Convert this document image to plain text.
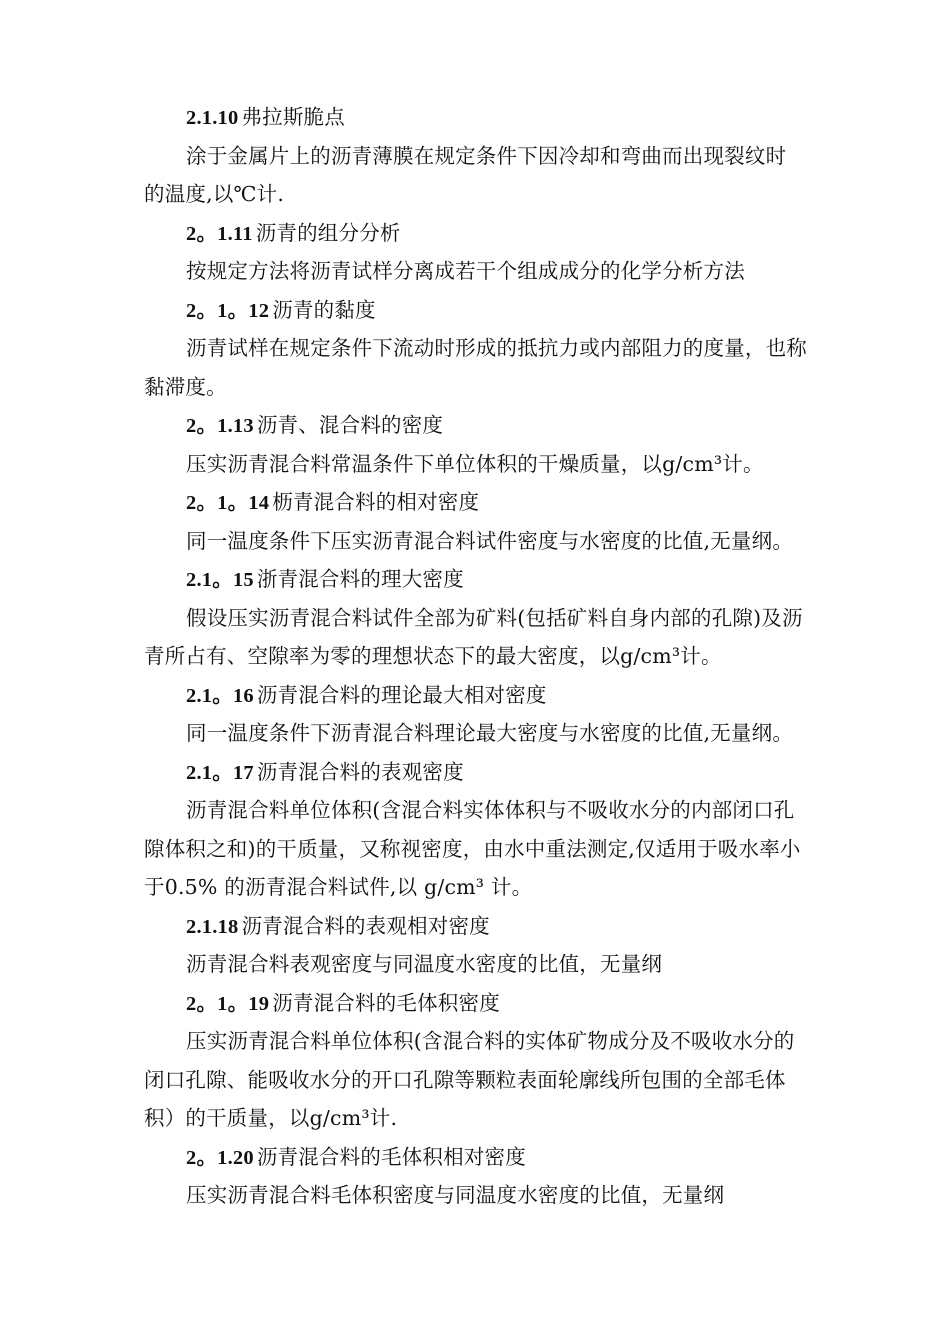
2.1.10 弗拉斯脆点
涂于金属片上的沥青薄膜在规定条件下因冷却和弯曲而出现裂纹时
的温度,以℃计.
2。1.11 沥青的组分分析
按规定方法将沥青试样分离成若干个组成成分的化学分析方法
2。1。12 沥青的黏度
沥青试样在规定条件下流动时形成的抵抗力或内部阻力的度量，也称
黏滞度。
2。1.13 沥青、混合料的密度
压实沥青混合料常温条件下单位体积的干燥质量，以g/cm³计。
2。1。14 枥青混合料的相对密度
同一温度条件下压实沥青混合料试件密度与水密度的比值,无量纲。
2.1。15 浙青混合料的理大密度
假设压实沥青混合料试件全部为矿料(包括矿料自身内部的孔隙)及沥
青所占有、空隙率为零的理想状态下的最大密度，以g/cm³计。
2.1。16 沥青混合料的理论最大相对密度
同一温度条件下沥青混合料理论最大密度与水密度的比值,无量纲。
2.1。17 沥青混合料的表观密度
沥青混合料单位体积(含混合料实体体积与不吸收水分的内部闭口孔
隙体积之和)的干质量，又称视密度，由水中重法测定,仅适用于吸水率小
于0.5% 的沥青混合料试件,以 g/cm³ 计。
2.1.18 沥青混合料的表观相对密度
沥青混合料表观密度与同温度水密度的比值，无量纲
2。1。19 沥青混合料的毛体积密度
压实沥青混合料单位体积(含混合料的实体矿物成分及不吸收水分的
闭口孔隙、能吸收水分的开口孔隙等颗粒表面轮廓线所包围的全部毛体
积）的干质量，以g/cm³计.
2。1.20 沥青混合料的毛体积相对密度
压实沥青混合料毛体积密度与同温度水密度的比值，无量纲
